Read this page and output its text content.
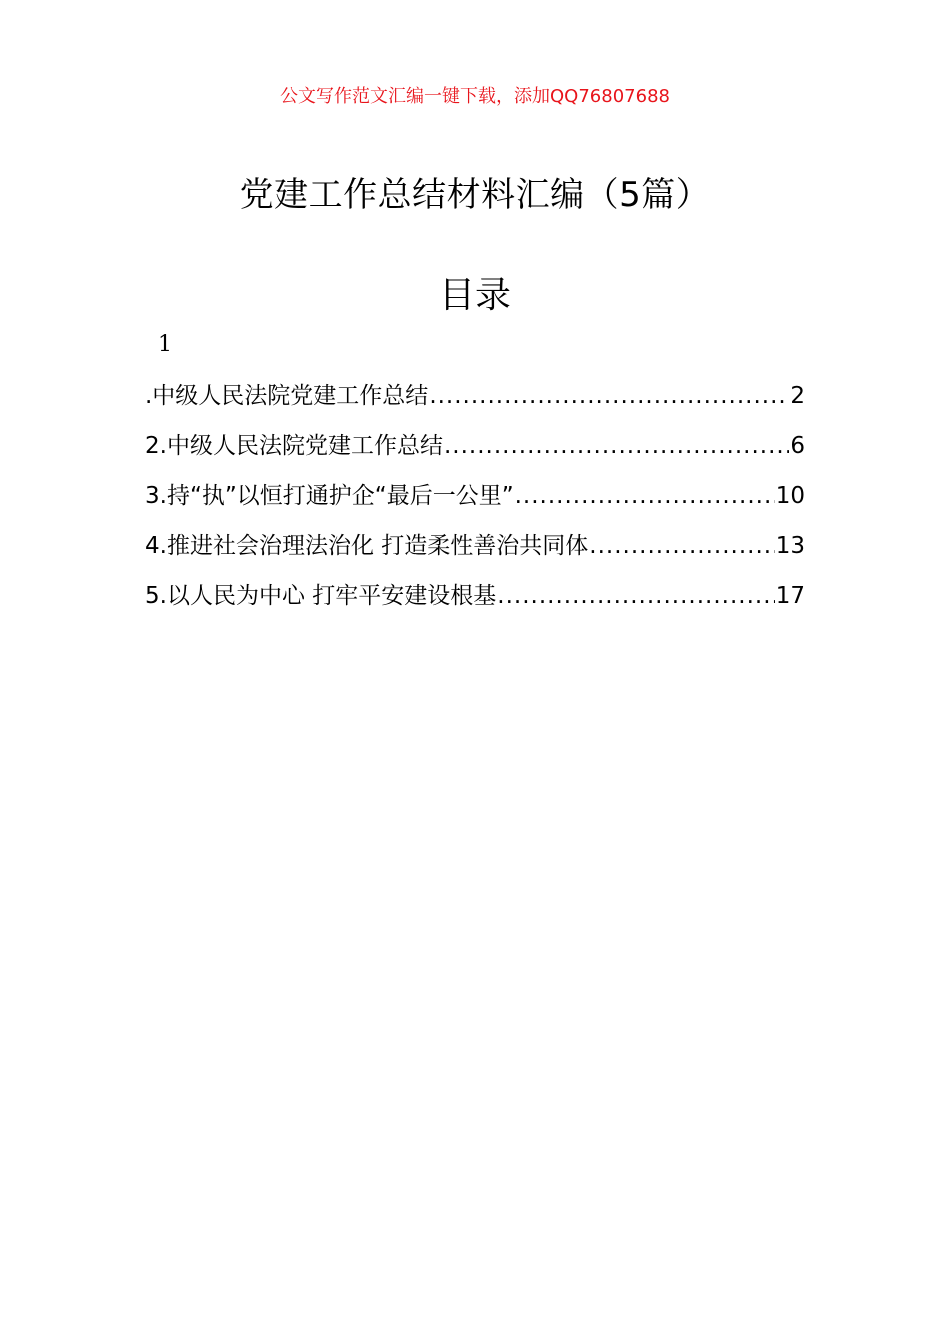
公文写作范文汇编一键下载，添加QQ76807688
党建工作总结材料汇编（5篇）
目录
1
.中级人民法院党建工作总结 .....	2
2.中级人民法院党建工作总结 .....	6
3.持“执”以恒打通护企“最后一公里” .....	10
4.推进社会治理法治化 打造柔性善治共同体 .....	13
5.以人民为中心 打牢平安建设根基 .....	17
